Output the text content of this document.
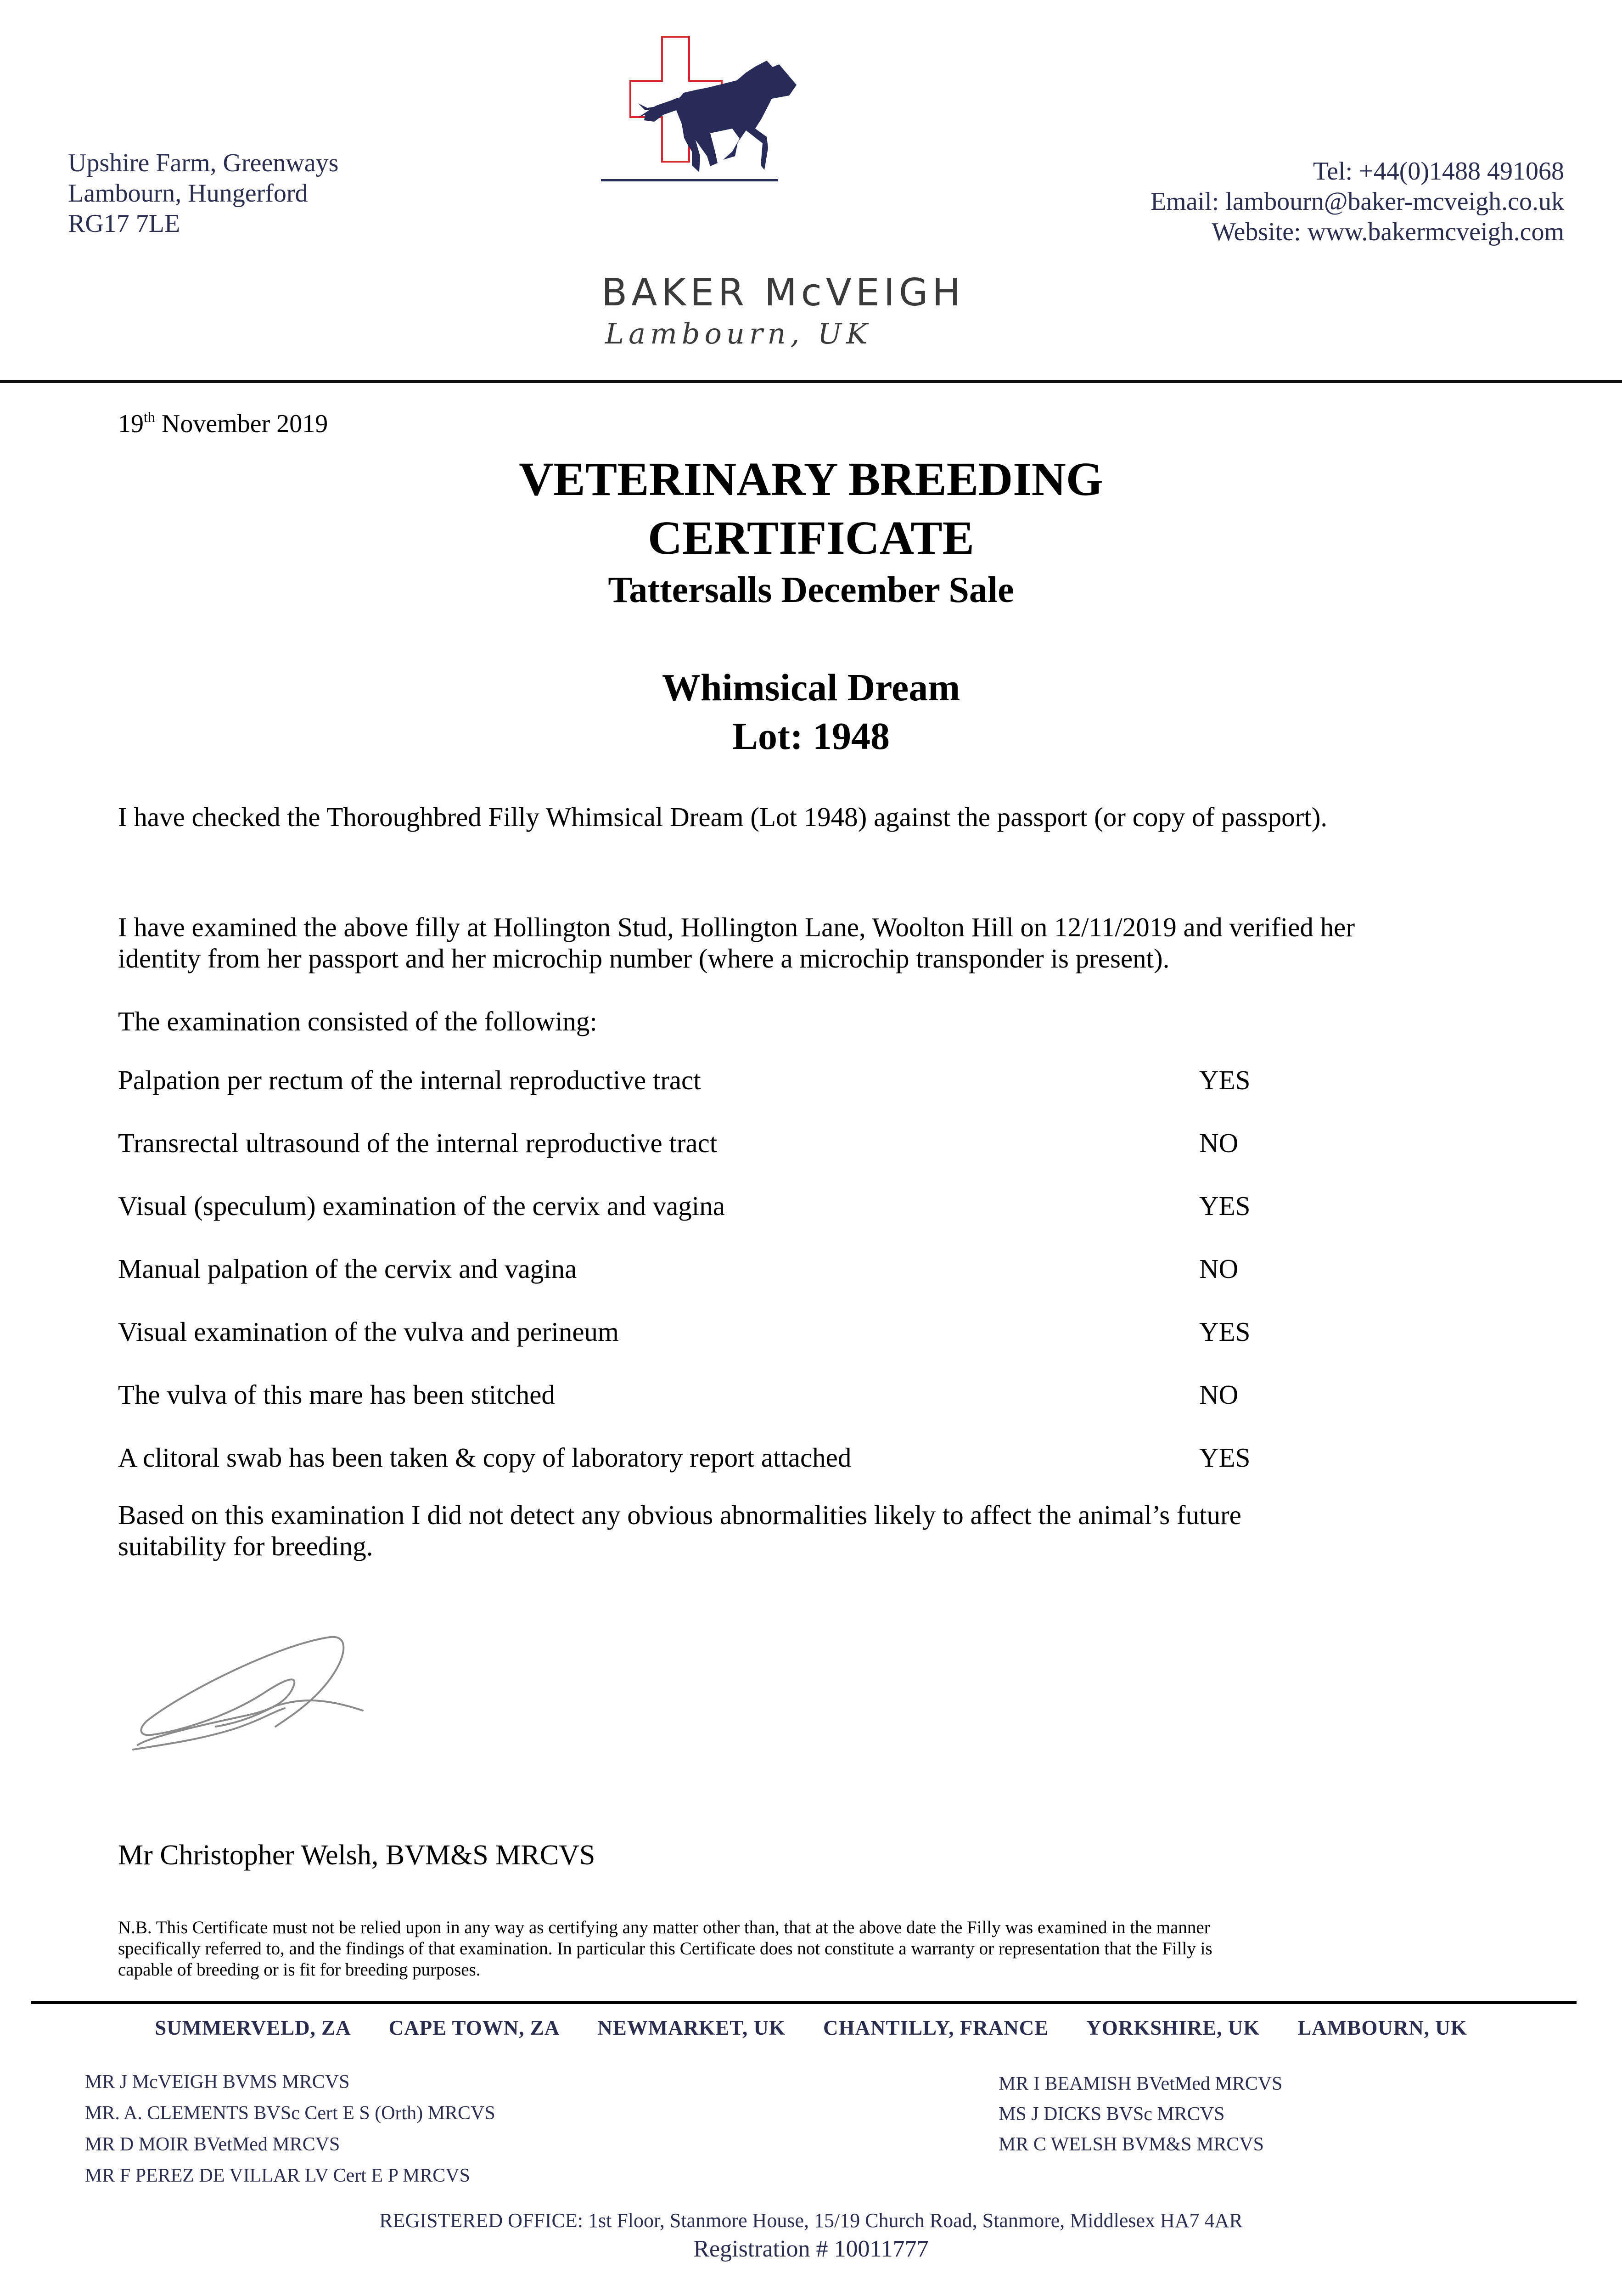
Upshire Farm, Greenways
Lambourn, Hungerford
RG17 7LE
BAKER McVEIGH
Lambourn, UK
Tel: +44(0)1488 491068
Email: lambourn@baker-mcveigh.co.uk
Website: www.bakermcveigh.com
19th November 2019
VETERINARY BREEDING
CERTIFICATE
Tattersalls December Sale
Whimsical Dream
Lot: 1948
I have checked the Thoroughbred Filly Whimsical Dream (Lot 1948) against the passport (or copy of passport).
I have examined the above filly at Hollington Stud, Hollington Lane, Woolton Hill on 12/11/2019 and verified her
identity from her passport and her microchip number (where a microchip transponder is present).
The examination consisted of the following:
Palpation per rectum of the internal reproductive tract	YES
Transrectal ultrasound of the internal reproductive tract	NO
Visual (speculum) examination of the cervix and vagina	YES
Manual palpation of the cervix and vagina	NO
Visual examination of the vulva and perineum	YES
The vulva of this mare has been stitched	NO
A clitoral swab has been taken & copy of laboratory report attached	YES
Based on this examination I did not detect any obvious abnormalities likely to affect the animal’s future
suitability for breeding.
Mr Christopher Welsh, BVM&S MRCVS
N.B. This Certificate must not be relied upon in any way as certifying any matter other than, that at the above date the Filly was examined in the manner
specifically referred to, and the findings of that examination. In particular this Certificate does not constitute a warranty or representation that the Filly is
capable of breeding or is fit for breeding purposes.
SUMMERVELD, ZA CAPE TOWN, ZA NEWMARKET, UK CHANTILLY, FRANCE YORKSHIRE, UK LAMBOURN, UK
MR J McVEIGH BVMS MRCVS
MR. A. CLEMENTS BVSc Cert E S (Orth) MRCVS
MR D MOIR BVetMed MRCVS
MR F PEREZ DE VILLAR LV Cert E P MRCVS
MR I BEAMISH BVetMed MRCVS
MS J DICKS BVSc MRCVS
MR C WELSH BVM&S MRCVS
REGISTERED OFFICE: 1st Floor, Stanmore House, 15/19 Church Road, Stanmore, Middlesex HA7 4AR
Registration # 10011777
